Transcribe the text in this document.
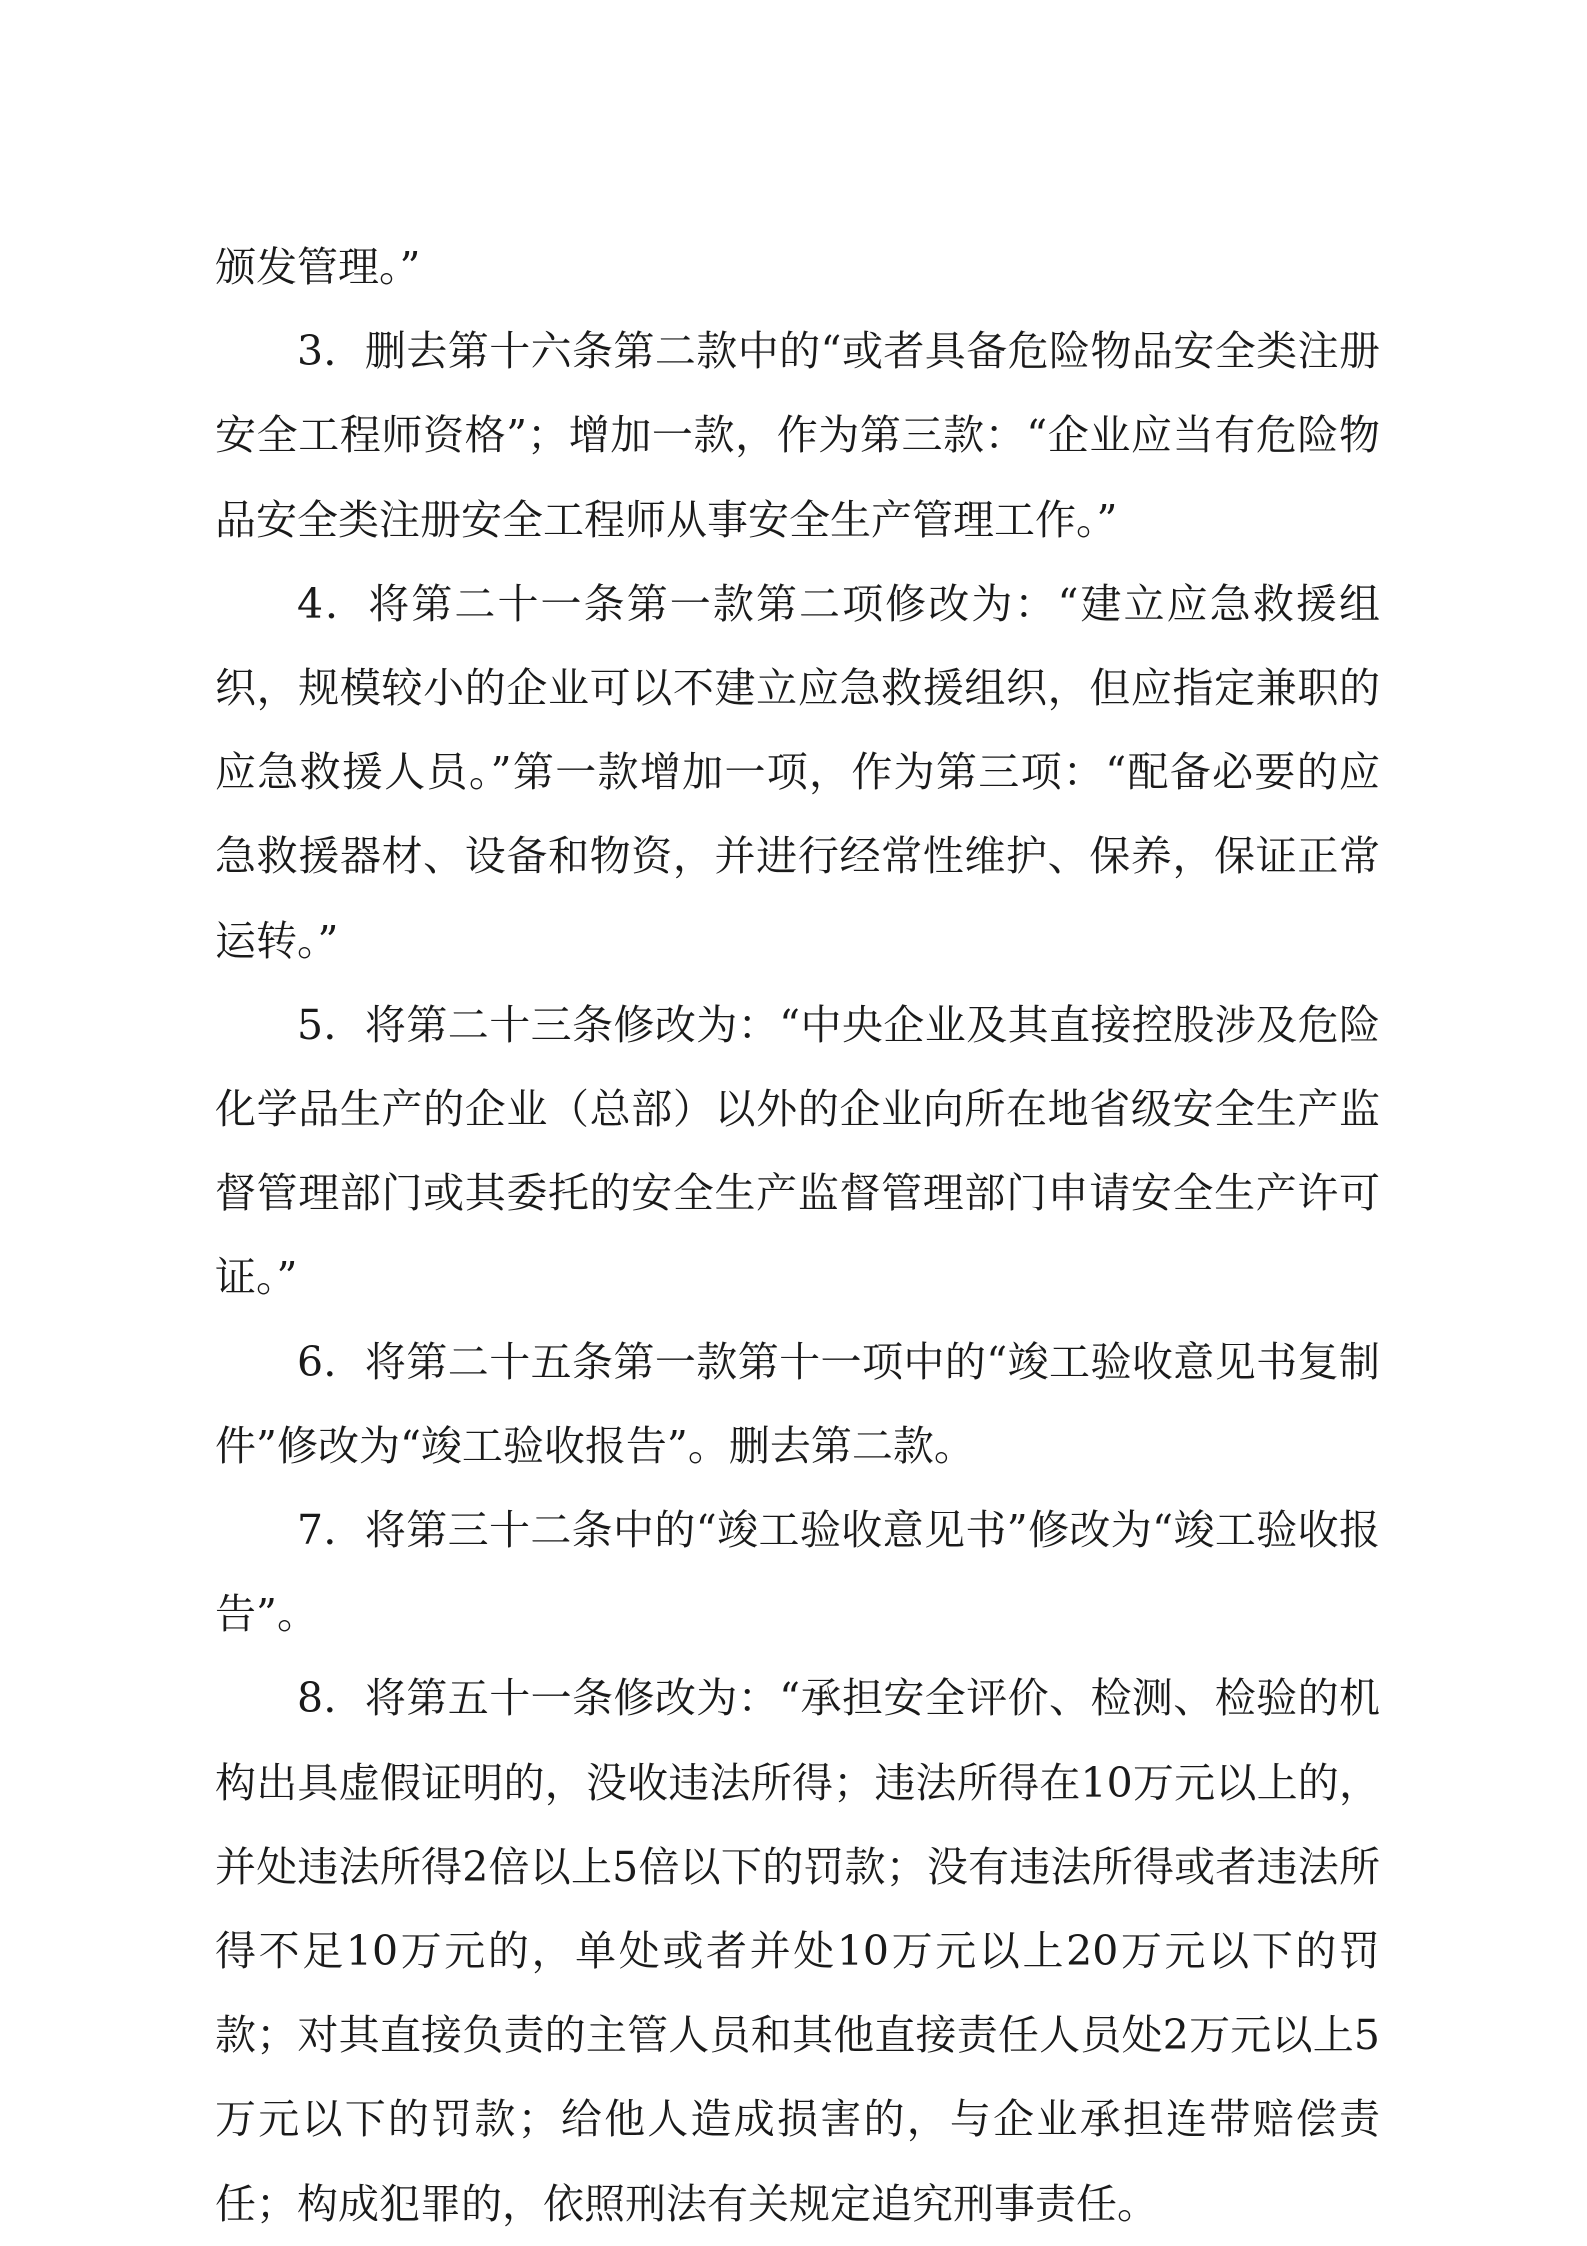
颁发管理。”

3．删去第十六条第二款中的“或者具备危险物品安全类注册安全工程师资格”；增加一款，作为第三款：“企业应当有危险物品安全类注册安全工程师从事安全生产管理工作。”

4．将第二十一条第一款第二项修改为：“建立应急救援组织，规模较小的企业可以不建立应急救援组织，但应指定兼职的应急救援人员。”第一款增加一项，作为第三项：“配备必要的应急救援器材、设备和物资，并进行经常性维护、保养，保证正常运转。”

5．将第二十三条修改为：“中央企业及其直接控股涉及危险化学品生产的企业（总部）以外的企业向所在地省级安全生产监督管理部门或其委托的安全生产监督管理部门申请安全生产许可证。”

6．将第二十五条第一款第十一项中的“竣工验收意见书复制件”修改为“竣工验收报告”。删去第二款。

7．将第三十二条中的“竣工验收意见书”修改为“竣工验收报告”。

8．将第五十一条修改为：“承担安全评价、检测、检验的机构出具虚假证明的，没收违法所得；违法所得在10万元以上的，并处违法所得2倍以上5倍以下的罚款；没有违法所得或者违法所得不足10万元的，单处或者并处10万元以上20万元以下的罚款；对其直接负责的主管人员和其他直接责任人员处2万元以上5万元以下的罚款；给他人造成损害的，与企业承担连带赔偿责任；构成犯罪的，依照刑法有关规定追究刑事责任。
